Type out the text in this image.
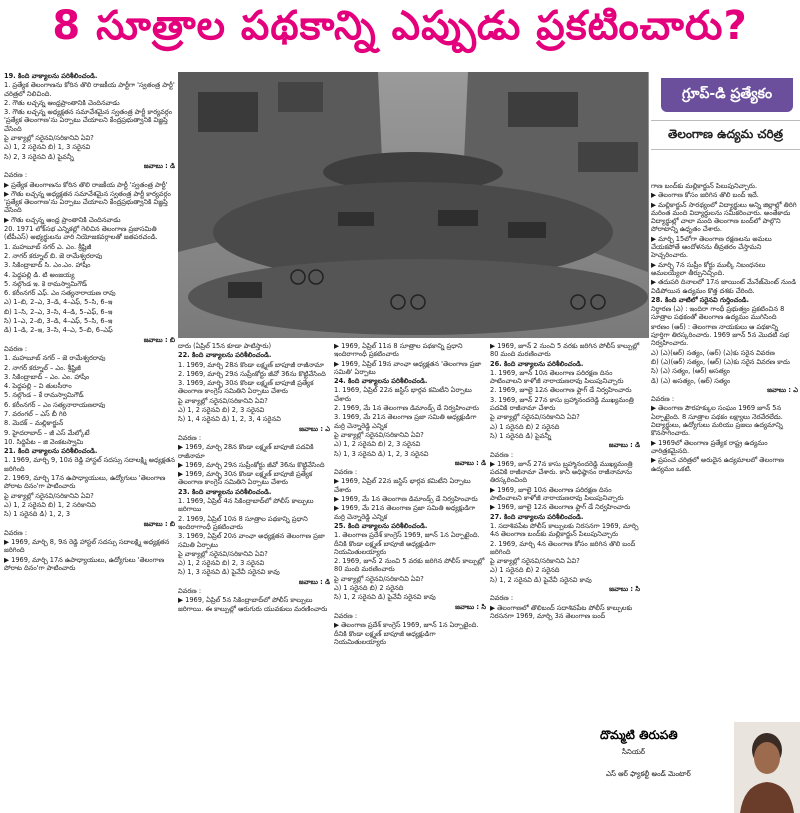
8 సూత్రాల పథకాన్ని ఎప్పుడు ప్రకటించారు?
గ్రూప్-డి ప్రత్యేకం
తెలంగాణ ఉద్యమ చరిత్ర

19. కింది వాక్యాలను పరిశీలించండి.

1. ప్రత్యేక తెలంగాణను కోరిన తొలి రాజకీయ పార్టీగా 'స్వతంత్ర పార్టీ' చరిత్రలో నిలిచింది.

2. గౌతు లచ్చన్న ఆంధ్రప్రాంతానికి చెందినవాడు

3. గౌతు లచ్చన్న అధ్యక్షతన సమావేశమైన స్వతంత్ర పార్టీ కార్యవర్గం 'ప్రత్యేక తెలంగాణ'ను ఏర్పాటు చేయాలని కేంద్రప్రభుత్వానికి విజ్ఞప్తి చేసింది

పై వాక్యాల్లో సరైనవి/సరికానివి ఏవి?

ఎ) 1, 2 సరైనవి బి) 1, 3 సరైనవి

సి) 2, 3 సరైనవి డి) పైవన్నీ

జవాబు : డి

వివరణ :

▶ ప్రత్యేక తెలంగాణను కోరిన తొలి రాజకీయ పార్టీ 'స్వతంత్ర పార్టీ'

▶ గౌతు లచ్చన్న అధ్యక్షతన సమావేశమైన స్వతంత్ర పార్టీ కార్యవర్గం 'ప్రత్యేక తెలంగాణ'ను ఏర్పాటు చేయాలని కేంద్రప్రభుత్వానికి విజ్ఞప్తి చేసింది

▶ గౌతు లచ్చన్న ఆంధ్ర ప్రాంతానికి చెందినవాడు

20. 1971 లోక్‌సభ ఎన్నికల్లో గెలిచిన తెలంగాణ ప్రజాసమితి (టీపీఎస్) అభ్యర్థులను వారి నియోజకవర్గాలతో జతపరచండి.

1. మహబూబ్ నగర్ ఎ. ఎం. శ్రీ‌ష్టిజీ

2. నాగర్ కర్నూల్ బి. జె రామేశ్వరరావు

3. సికింద్రాబాద్ సి. ఎం.ఎం. హాషీం

4. పెద్దపల్లి డి. టి అంజయ్య

5. నల్గొండ ఇ. కె రామస్వామిగౌడ్

6. కరీంనగర్ ఎఫ్. ఎం సత్యనారాయణ రావు

ఎ) 1–బి, 2–ఎ, 3–డి, 4–ఎఫ్, 5–సి, 6–ఇ

బి) 1–సి, 2–ఎ, 3–సి, 4–డి, 5–ఎఫ్, 6–ఇ

సి) 1–ఎ, 2–బి, 3–డి, 4–ఎఫ్, 5–సి, 6–ఇ

డి) 1–డి, 2–ఇ, 3–సి, 4–ఎ, 5–బి, 6–ఎఫ్

జవాబు : బి

వివరణ :

1. మహబూబ్ నగర్ – జె రామేశ్వరరావు

2. నాగర్ కర్నూల్ – ఎం. శ్రీష్టిజీ

3. సికింద్రాబాద్ – ఎం. ఎం. హాషీం

4. పెద్దపల్లి – వి తులసీరాం

5. నల్గొండ – కే రామస్వామిగౌడ్

6. కరీంనగర్ – ఎం సత్యనారాయణరావు

7. వరంగల్ – ఎస్ బీ గిరి

8. మెదక్ – మల్లికార్జున్

9. హైదరాబాద్ – జీ ఎస్ మేల్కోటే

10. సిద్దిపేట – జి వెంకటస్వామి

21. కింది వాక్యాలను పరిశీలించండి.

1. 1969, మార్చి 9, 10న రెడ్డి హాస్టల్ సదస్సు సదాలక్ష్మి అధ్యక్షతన జరిగింది

2. 1969, మార్చి 17న ఉపాధ్యాయులు, ఉద్యోగులు 'తెలంగాణ పోరాట దినం'గా పాటించారు

పై వాక్యాల్లో సరైనవి/సరికానివి ఏవి?

ఎ) 1, 2 సరైనవి బి) 1, 2 సరికానివి

సి) 1 సరైనది డి) 1, 2, 3

జవాబు : బి

వివరణ :

▶ 1969, మార్చి 8, 9న రెడ్డి హాస్టల్ సదస్సు సదాలక్ష్మి అధ్యక్షతన జరిగింది

▶ 1969, మార్చి 17న ఉపాధ్యాయులు, ఉద్యోగులు 'తెలంగాణ పోరాట దినం'గా పాటించారు

దారు (ఏప్రిల్ 15న కూడా పాటిస్తారు)

22. కింది వాక్యాలను పరిశీలించండి.

1. 1969, మార్చి 28న కొండా లక్ష్మణ్ బాపూజీ రాజీనామా

2. 1969, మార్చి 29న సుప్రీంకోర్టు జీవో 36ను కొట్టివేసింది

3. 1969, మార్చి 30న కొండా లక్ష్మణ్ బాపూజీ ప్రత్యేక తెలంగాణ కాంగ్రెస్ సమితిని ఏర్పాటు చేశారు

పై వాక్యాల్లో సరైనవి/సరికానివి ఏవి?

ఎ) 1, 2 సరైనవి బి) 2, 3 సరైనవి

సి) 1, 4 సరైనవి డి) 1, 2, 3, 4 సరైనవి

జవాబు : ఎ

వివరణ :

▶ 1969, మార్చి 28న కొండా లక్ష్మణ్ బాపూజీ పదవికి రాజీనామా

▶ 1969, మార్చి 29న సుప్రీంకోర్టు జీవో 36ను కొట్టివేసింది

▶ 1969, మార్చి 30న కొండా లక్ష్మణ్ బాపూజీ ప్రత్యేక తెలంగాణ కాంగ్రెస్ సమితిని ఏర్పాటు చేశారు

23. కింది వాక్యాలను పరిశీలించండి.

1. 1969, ఏప్రిల్ 4న సికింద్రాబాద్‌లో పోలీస్ కాల్పులు జరిగాయి

2. 1969, ఏప్రిల్ 10న 8 సూత్రాల పథకాన్ని ప్రధాని ఇందిరాగాంధీ ప్రకటించారు

3. 1969, ఏప్రిల్ 20న వాంఛా అధ్యక్షతన తెలంగాణ ప్రజా సమితి ఏర్పాటు

పై వాక్యాల్లో సరైనవి/సరికానివి ఏవి?

ఎ) 1, 2 సరైనవి బి) 2, 3 సరైనవి

సి) 1, 3 సరైనవి డి) పైవేవీ సరైనవి కావు

జవాబు : డి

వివరణ :

▶ 1969, ఏప్రిల్ 5న సికింద్రాబాద్‌లో పోలీస్ కాల్పులు జరిగాయి. ఈ కాల్పుల్లో ఆరుగురు యువకులు మరణించారు

▶ 1969, ఏప్రిల్ 11న 8 సూత్రాల పథకాన్ని ప్రధాని ఇందిరాగాంధీ ప్రకటించారు

▶ 1969, ఏప్రిల్ 19న వాంఛా అధ్యక్షతన 'తెలంగాణ ప్రజా సమితి' ఏర్పాటు

24. కింది వాక్యాలను పరిశీలించండి.

1. 1969, ఏప్రిల్ 22న జస్టిస్ భార్గవ కమిటీని ఏర్పాటు చేశారు

2. 1969, మే 1న తెలంగాణ డిమాండ్స్ డే నిర్వహించారు

3. 1969, మే 21న తెలంగాణ ప్రజా సమితి అధ్యక్షుడిగా మర్రి చెన్నారెడ్డి ఎన్నిక

పై వాక్యాల్లో సరైనవి/సరికానివి ఏవి?

ఎ) 1, 2 సరైనవి బి) 2, 3 సరైనవి

సి) 1, 3 సరైనవి డి) 1, 2, 3 సరైనవి

జవాబు : డి

వివరణ :

▶ 1969, ఏప్రిల్ 22న జస్టిస్ భార్గవ కమిటీని ఏర్పాటు చేశారు

▶ 1969, మే 1న తెలంగాణ డిమాండ్స్ డే నిర్వహించారు

▶ 1969, మే 21న తెలంగాణ ప్రజా సమితి అధ్యక్షుడిగా మర్రి చెన్నారెడ్డి ఎన్నిక

25. కింది వాక్యాలను పరిశీలించండి.

1. తెలంగాణ ప్రదేశ్ కాంగ్రెస్ 1969, జూన్ 1న ఏర్పాటైంది. దీనికి కొండా లక్ష్మణ్ బాపూజీ అధ్యక్షుడిగా నియమితులయ్యారు

2. 1969, జూన్ 2 నుంచి 5 వరకు జరిగిన పోలీస్ కాల్పుల్లో 80 మంది మరణించారు

పై వాక్యాల్లో సరైనవి/సరికానివి ఏవి?

ఎ) 1 సరైనది బి) 2 సరైనది

సి) 1, 2 సరైనవి డి) పైవేవీ సరైనవి కావు

జవాబు : సి

వివరణ :

▶ తెలంగాణ ప్రదేశ్ కాంగ్రెస్ 1969, జూన్ 1న ఏర్పాటైంది. దీనికి కొండా లక్ష్మణ్ బాపూజీ అధ్యక్షుడిగా నియమితులయ్యారు

▶ 1969, జూన్ 2 నుంచి 5 వరకు జరిగిన పోలీస్ కాల్పుల్లో 80 మంది మరణించారు

26. కింది వాక్యాలను పరిశీలించండి.

1. 1969, జూన్ 10న తెలంగాణ పరిరక్షణ దినం పాటించాలని కాళోజీ నారాయణరావు పిలుపునిచ్చారు

2. 1969, జూలై 12న తెలంగాణ ఫ్లాగ్ డే నిర్వహించారు

3. 1969, జూన్ 27న కాసు బ్రహ్మానందరెడ్డి ముఖ్యమంత్రి పదవికి రాజీనామా చేశారు

పై వాక్యాల్లో సరైనవి/సరికానివి ఏవి?

ఎ) 1 సరైనది బి) 2 సరైనది

సి) 1 సరైనది డి) పైవన్నీ

జవాబు : డి

వివరణ :

▶ 1969, జూన్ 27న కాసు బ్రహ్మానందరెడ్డి ముఖ్యమంత్రి పదవికి రాజీనామా చేశారు. కానీ అధిష్ఠానం రాజీనామాను తిరస్కరించింది

▶ 1969, జూలై 10న తెలంగాణ పరిరక్షణ దినం పాటించాలని కాళోజీ నారాయణరావు పిలుపునిచ్చారు

▶ 1969, జూలై 12న తెలంగాణ ఫ్లాగ్ డే నిర్వహించారు

27. కింది వాక్యాలను పరిశీలించండి.

1. సదాశివపేట పోలీస్ కాల్పులకు నిరసనగా 1969, మార్చి 4న తెలంగాణ బంద్‌కు మల్లికార్జున్ పిలుపునిచ్చారు

2. 1969, మార్చి 4న తెలంగాణ కోసం జరిగిన తొలి బంద్ జరిగింది

పై వాక్యాల్లో సరైనవి/సరికానివి ఏవి?

ఎ) 1 సరైనది బి) 2 సరైనది

సి) 1, 2 సరైనవి డి) పైవేవీ సరైనవి కావు

జవాబు : సి

వివరణ :

▶ తెలంగాణలో తొలిబంద్ సదాశివపేట పోలీస్ కాల్పులకు నిరసనగా 1969, మార్చి 3న తెలంగాణ బంద్

గాణ బంద్‌కు మల్లికార్జున్ పిలుపునిచ్చారు.

▶ తెలంగాణ కోసం జరిగిన తొలి బంద్ ఇదే.

▶ మల్లికార్జున్ సారథ్యంలో విద్యార్థులు అన్ని జిల్లాల్లో తిరిగి మరింత మంది విద్యార్థులను సమీకరించారు. అంతేకాదు విద్యార్థుల్లో చాలా మంది తెలంగాణ బంద్‌లో పాల్గొని పోరాటాన్ని ఉధృతం చేశారు.

▶ మార్చి 15లోగా తెలంగాణ రక్షణలను అమలు చేయకపోతే ఆందోళనను తీవ్రతరం చేస్తామని హెచ్చరించారు.

▶ మార్చి 7న సుప్రీం కోర్టు ముల్కీ నిబంధనలు అమలయ్యేలా తీర్పునిచ్చింది.

▶ తదుపరి దినాలలో 17న జాయింట్ మేనేజ్‌మెంట్ నుండి విడిపోయిన ఉద్యమం కొత్త దశకు చేరింది.

28. కింది వాటిలో సరైనవి గుర్తించండి.

నిర్ధారణ (ఎ) : ఇందిరా గాంధీ ప్రభుత్వం ప్రకటించిన 8 సూత్రాల పథకంతో తెలంగాణ ఉద్యమం ముగిసింది

కారణం (ఆర్) : తెలంగాణ నాయకులు ఆ పథకాన్ని పూర్తిగా తిరస్కరించారు. 1969 జూన్ 5న మొదటి సభ నిర్వహించారు.

ఎ) (ఎ)(ఆర్) సత్యం, (ఆర్) (ఎ)కు సరైన వివరణ

బి) (ఎ)(ఆర్) సత్యం, (ఆర్) (ఎ)కు సరైన వివరణ కాదు

సి) (ఎ) సత్యం, (ఆర్) అసత్యం

డి) (ఎ) అసత్యం, (ఆర్) సత్యం

జవాబు : ఎ

వివరణ :

▶ తెలంగాణ పౌరహక్కుల సంఘం 1969 జూన్ 5న ఏర్పాటైంది. 8 సూత్రాల పథకం లక్ష్యాలు నెరవేరలేదు. విద్యార్థులు, ఉద్యోగులు మరియు ప్రజలు ఉద్యమాన్ని కొనసాగించారు.

▶ 1969లో తెలంగాణ ప్రత్యేక రాష్ట్ర ఉద్యమం చారిత్రకమైనది.

▶ ప్రపంచ చరిత్రలో అరుదైన ఉద్యమాలలో తెలంగాణ ఉద్యమం ఒకటి.

దొమ్మటి తిరుపతి
సీనియర్
ఎస్‌ ఆర్‌ ఫ్యాకల్టీ అండ్‌ మెంటార్‌
